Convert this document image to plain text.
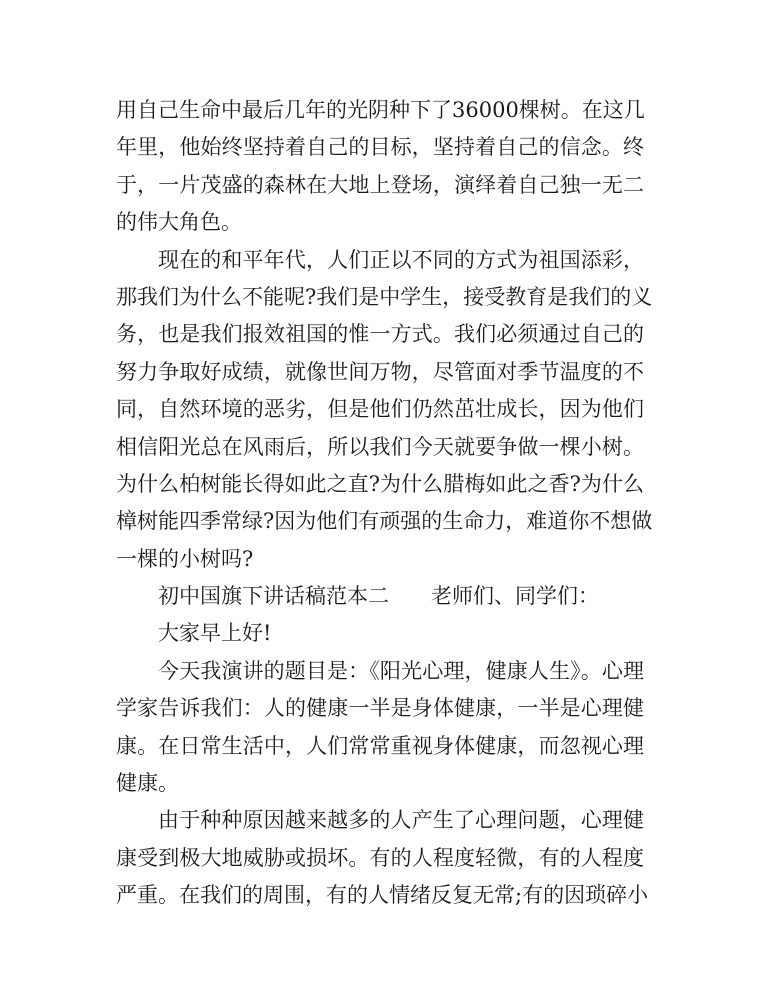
用自己生命中最后几年的光阴种下了36000棵树。在这几
年里，他始终坚持着自己的目标，坚持着自己的信念。终
于，一片茂盛的森林在大地上登场，演绎着自己独一无二
的伟大角色。
现在的和平年代，人们正以不同的方式为祖国添彩，
那我们为什么不能呢?我们是中学生，接受教育是我们的义
务，也是我们报效祖国的惟一方式。我们必须通过自己的
努力争取好成绩，就像世间万物，尽管面对季节温度的不
同，自然环境的恶劣，但是他们仍然茁壮成长，因为他们
相信阳光总在风雨后，所以我们今天就要争做一棵小树。
为什么柏树能长得如此之直?为什么腊梅如此之香?为什么
樟树能四季常绿?因为他们有顽强的生命力，难道你不想做
一棵的小树吗?
初中国旗下讲话稿范本二　　老师们、同学们：
大家早上好!
今天我演讲的题目是：《阳光心理，健康人生》。心理
学家告诉我们：人的健康一半是身体健康，一半是心理健
康。在日常生活中，人们常常重视身体健康，而忽视心理
健康。
由于种种原因越来越多的人产生了心理问题，心理健
康受到极大地威胁或损坏。有的人程度轻微，有的人程度
严重。在我们的周围，有的人情绪反复无常;有的因琐碎小
